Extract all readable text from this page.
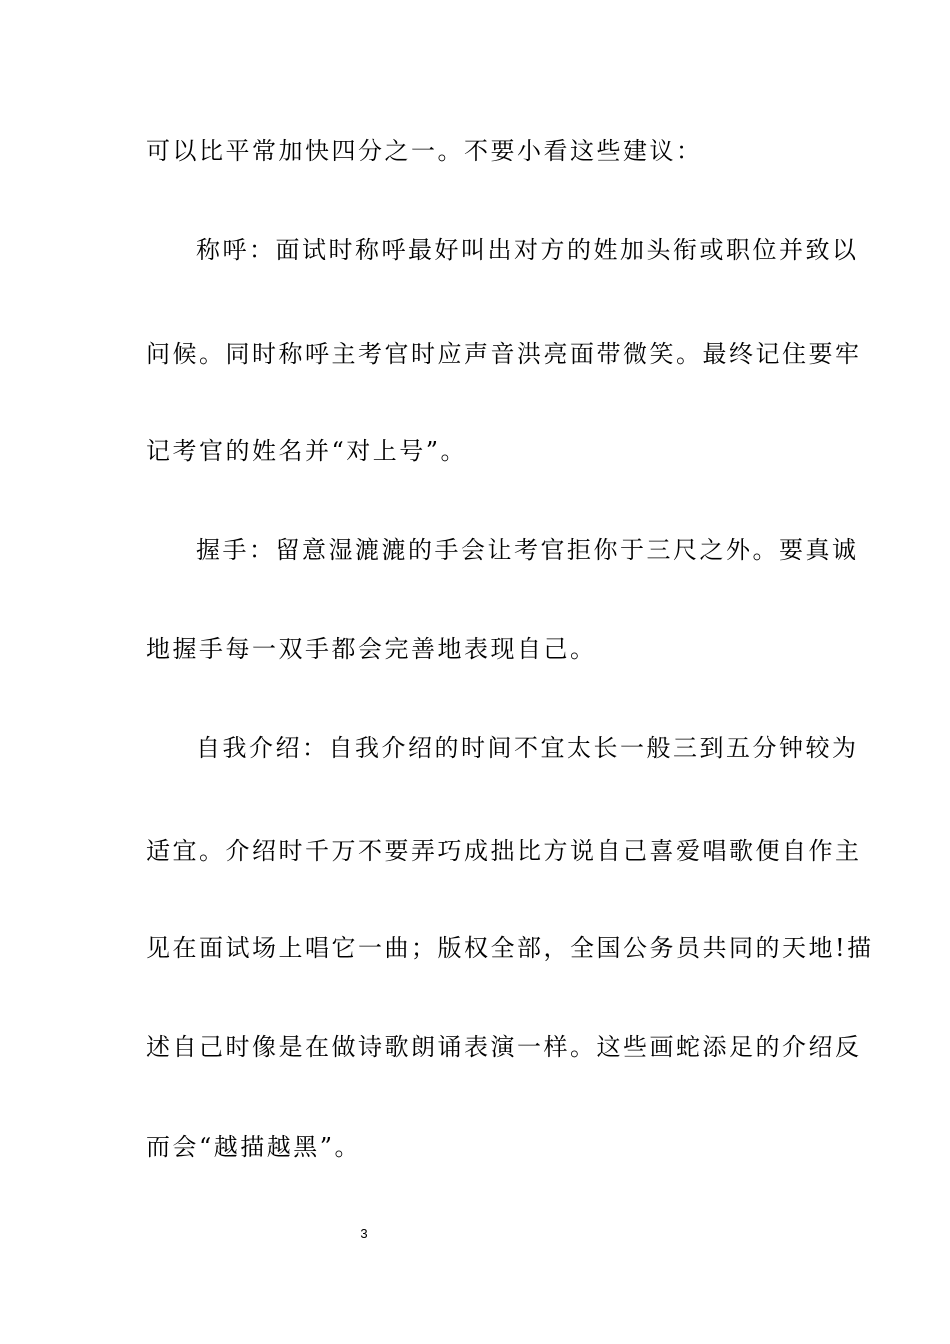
可以比平常加快四分之一。不要小看这些建议：
称呼：面试时称呼最好叫出对方的姓加头衔或职位并致以
问候。同时称呼主考官时应声音洪亮面带微笑。最终记住要牢
记考官的姓名并“对上号”。
握手：留意湿漉漉的手会让考官拒你于三尺之外。要真诚
地握手每一双手都会完善地表现自己。
自我介绍：自我介绍的时间不宜太长一般三到五分钟较为
适宜。介绍时千万不要弄巧成拙比方说自己喜爱唱歌便自作主
见在面试场上唱它一曲；版权全部，全国公务员共同的天地!描
述自己时像是在做诗歌朗诵表演一样。这些画蛇添足的介绍反
而会“越描越黑”。
3
